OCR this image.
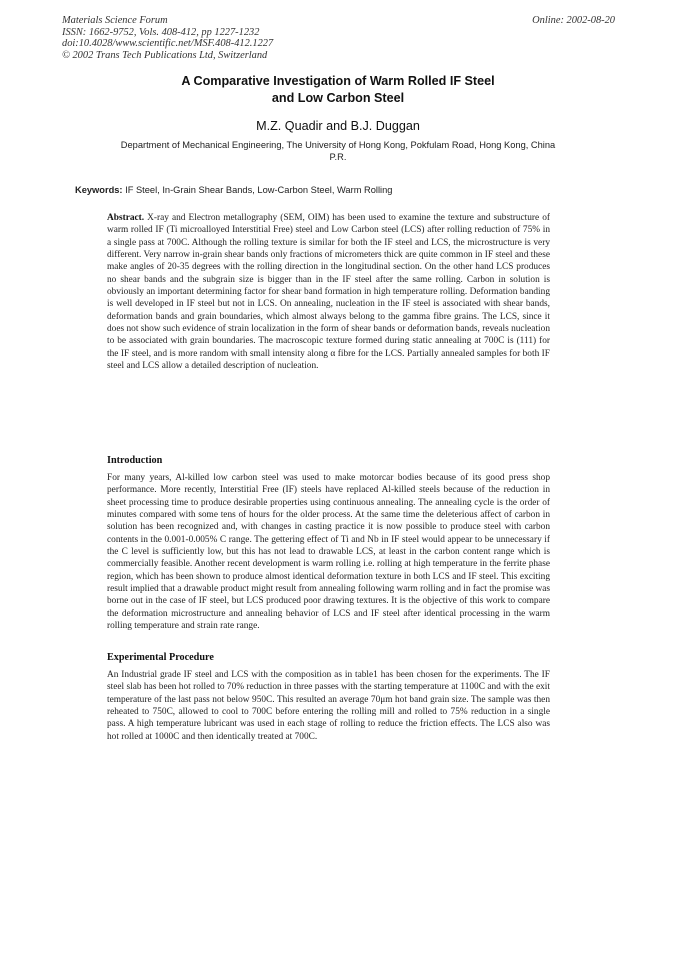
Materials Science Forum
ISSN: 1662-9752, Vols. 408-412, pp 1227-1232
doi:10.4028/www.scientific.net/MSF.408-412.1227
© 2002 Trans Tech Publications Ltd, Switzerland
Online: 2002-08-20
A Comparative Investigation of Warm Rolled IF Steel
and Low Carbon Steel
M.Z. Quadir and B.J. Duggan
Department of Mechanical Engineering, The University of Hong Kong, Pokfulam Road, Hong Kong, China P.R.
Keywords: IF Steel, In-Grain Shear Bands, Low-Carbon Steel, Warm Rolling
Abstract. X-ray and Electron metallography (SEM, OIM) has been used to examine the texture and substructure of warm rolled IF (Ti microalloyed Interstitial Free) steel and Low Carbon steel (LCS) after rolling reduction of 75% in a single pass at 700C. Although the rolling texture is similar for both the IF steel and LCS, the microstructure is very different. Very narrow in-grain shear bands only fractions of micrometers thick are quite common in IF steel and these make angles of 20-35 degrees with the rolling direction in the longitudinal section. On the other hand LCS produces no shear bands and the subgrain size is bigger than in the IF steel after the same rolling. Carbon in solution is obviously an important determining factor for shear band formation in high temperature rolling. Deformation banding is well developed in IF steel but not in LCS. On annealing, nucleation in the IF steel is associated with shear bands, deformation bands and grain boundaries, which almost always belong to the gamma fibre grains. The LCS, since it does not show such evidence of strain localization in the form of shear bands or deformation bands, reveals nucleation to be associated with grain boundaries. The macroscopic texture formed during static annealing at 700C is (111) for the IF steel, and is more random with small intensity along α fibre for the LCS. Partially annealed samples for both IF steel and LCS allow a detailed description of nucleation.
Introduction
For many years, Al-killed low carbon steel was used to make motorcar bodies because of its good press shop performance. More recently, Interstitial Free (IF) steels have replaced Al-killed steels because of the reduction in sheet processing time to produce desirable properties using continuous annealing. The annealing cycle is the order of minutes compared with some tens of hours for the older process. At the same time the deleterious affect of carbon in solution has been recognized and, with changes in casting practice it is now possible to produce steel with carbon contents in the 0.001-0.005% C range. The gettering effect of Ti and Nb in IF steel would appear to be unnecessary if the C level is sufficiently low, but this has not lead to drawable LCS, at least in the carbon content range which is commercially feasible. Another recent development is warm rolling i.e. rolling at high temperature in the ferrite phase region, which has been shown to produce almost identical deformation texture in both LCS and IF steel. This exciting result implied that a drawable product might result from annealing following warm rolling and in fact the promise was borne out in the case of IF steel, but LCS produced poor drawing textures. It is the objective of this work to compare the deformation microstructure and annealing behavior of LCS and IF steel after identical processing in the warm rolling temperature and strain rate range.
Experimental Procedure
An Industrial grade IF steel and LCS with the composition as in table1 has been chosen for the experiments. The IF steel slab has been hot rolled to 70% reduction in three passes with the starting temperature at 1100C and with the exit temperature of the last pass not below 950C. This resulted an average 70μm hot band grain size. The sample was then reheated to 750C, allowed to cool to 700C before entering the rolling mill and rolled to 75% reduction in a single pass. A high temperature lubricant was used in each stage of rolling to reduce the friction effects. The LCS also was hot rolled at 1000C and then identically treated at 700C.
